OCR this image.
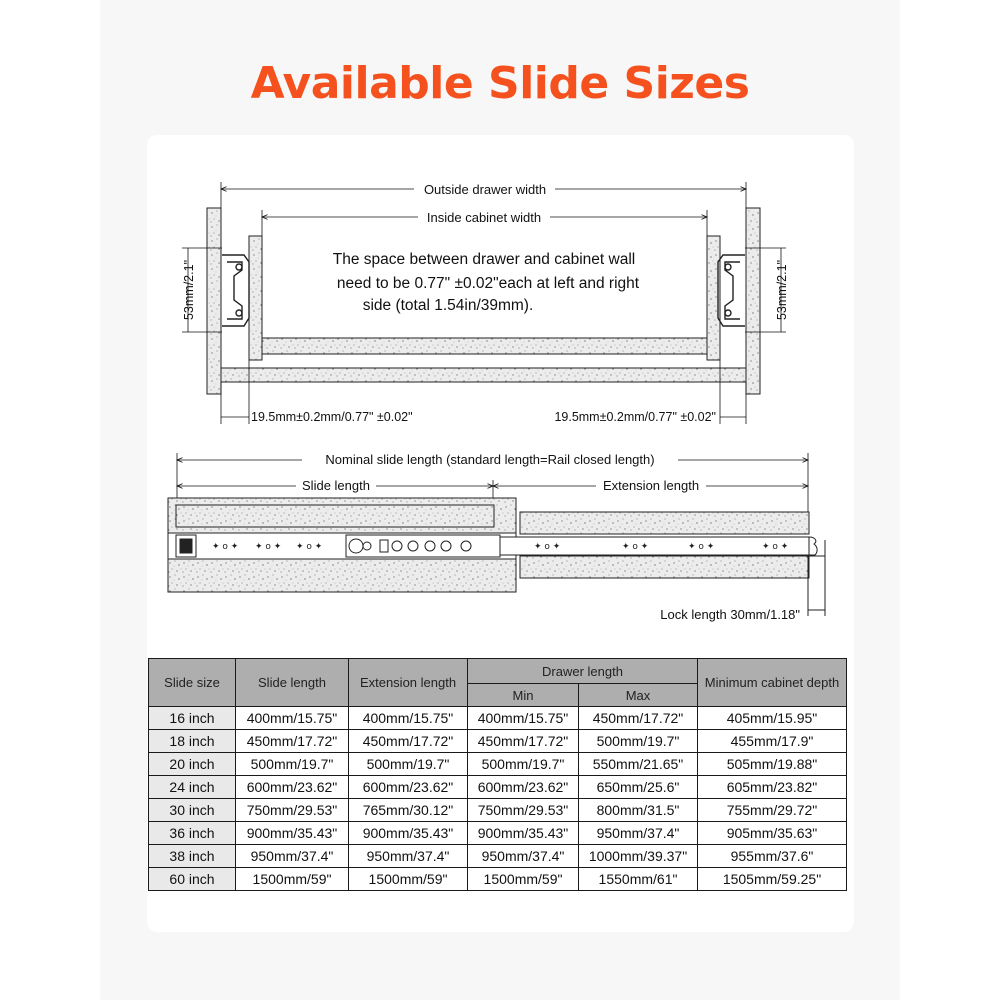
Available Slide Sizes
Outside drawer width
Inside cabinet width
The space between drawer and cabinet wall
need to be 0.77" ±0.02"each at left and right
side (total 1.54in/39mm).
53mm/2.1"	53mm/2.1"
19.5mm±0.2mm/0.77" ±0.02"	19.5mm±0.2mm/0.77" ±0.02"
Nominal slide length (standard length=Rail closed length)
Slide length	Extension length
✦ o ✦ ✦ o ✦ ✦ o ✦	✦ o ✦	✦ o ✦	✦ o ✦	✦ o ✦
Lock length 30mm/1.18"
Slide size	Slide length	Extension length	Drawer length		Minimum cabinet depth
			Min	Max	
16 inch	400mm/15.75"	400mm/15.75"	400mm/15.75"	450mm/17.72"	405mm/15.95"
18 inch	450mm/17.72"	450mm/17.72"	450mm/17.72"	500mm/19.7"	455mm/17.9"
20 inch	500mm/19.7"	500mm/19.7"	500mm/19.7"	550mm/21.65"	505mm/19.88"
24 inch	600mm/23.62"	600mm/23.62"	600mm/23.62"	650mm/25.6"	605mm/23.82"
30 inch	750mm/29.53"	765mm/30.12"	750mm/29.53"	800mm/31.5"	755mm/29.72"
36 inch	900mm/35.43"	900mm/35.43"	900mm/35.43"	950mm/37.4"	905mm/35.63"
38 inch	950mm/37.4"	950mm/37.4"	950mm/37.4"	1000mm/39.37"	955mm/37.6"
60 inch	1500mm/59"	1500mm/59"	1500mm/59"	1550mm/61"	1505mm/59.25"
